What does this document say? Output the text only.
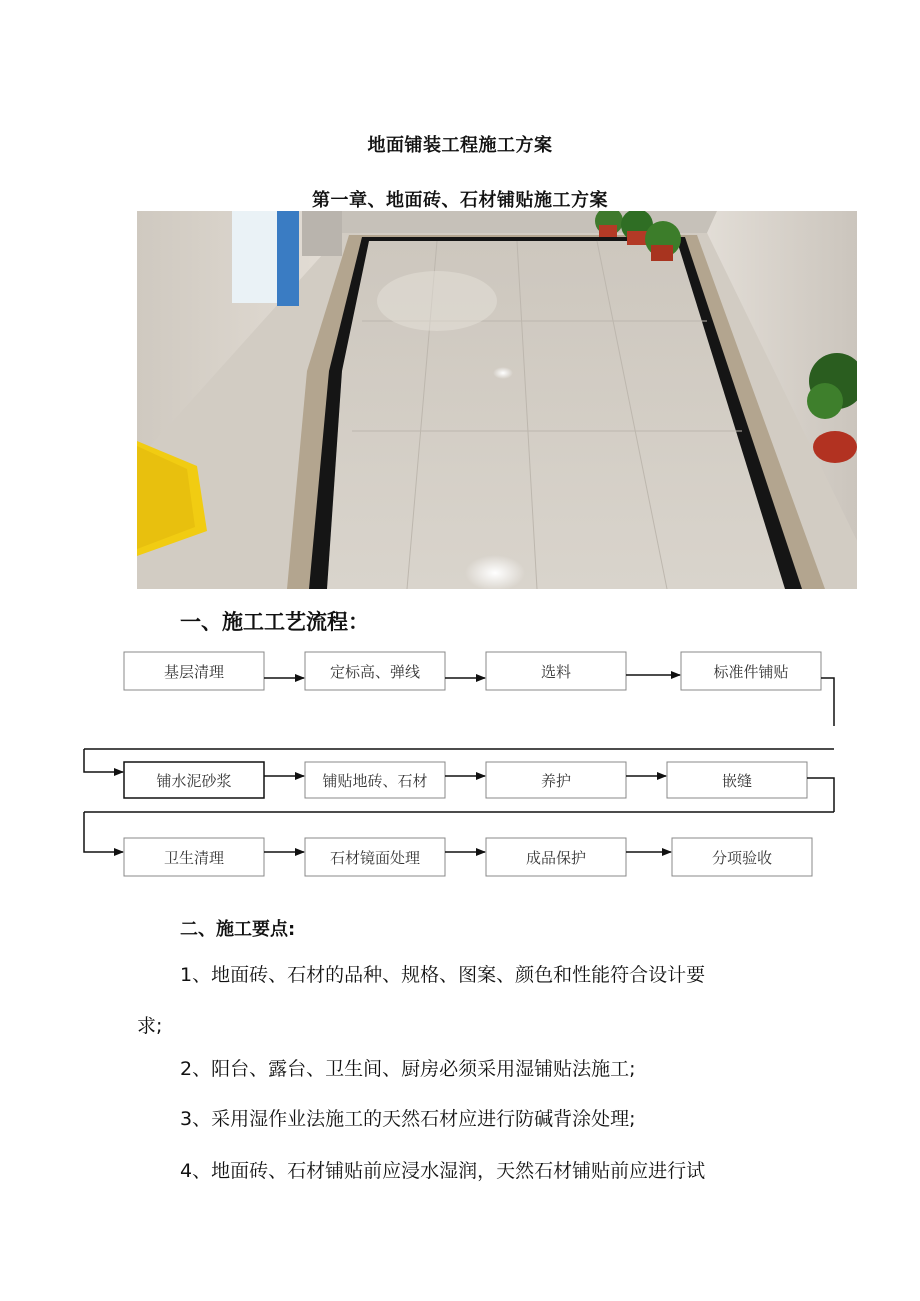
地面铺装工程施工方案
第一章、地面砖、石材铺贴施工方案
一、施工工艺流程：
基层清理	定标高、弹线	选料	标准件铺贴
铺水泥砂浆	铺贴地砖、石材	养护	嵌缝
卫生清理	石材镜面处理	成品保护	分项验收
二、施工要点:
1、地面砖、石材的品种、规格、图案、颜色和性能符合设计要
求;
2、阳台、露台、卫生间、厨房必须采用湿铺贴法施工;
3、采用湿作业法施工的天然石材应进行防碱背涂处理;
4、地面砖、石材铺贴前应浸水湿润，天然石材铺贴前应进行试
